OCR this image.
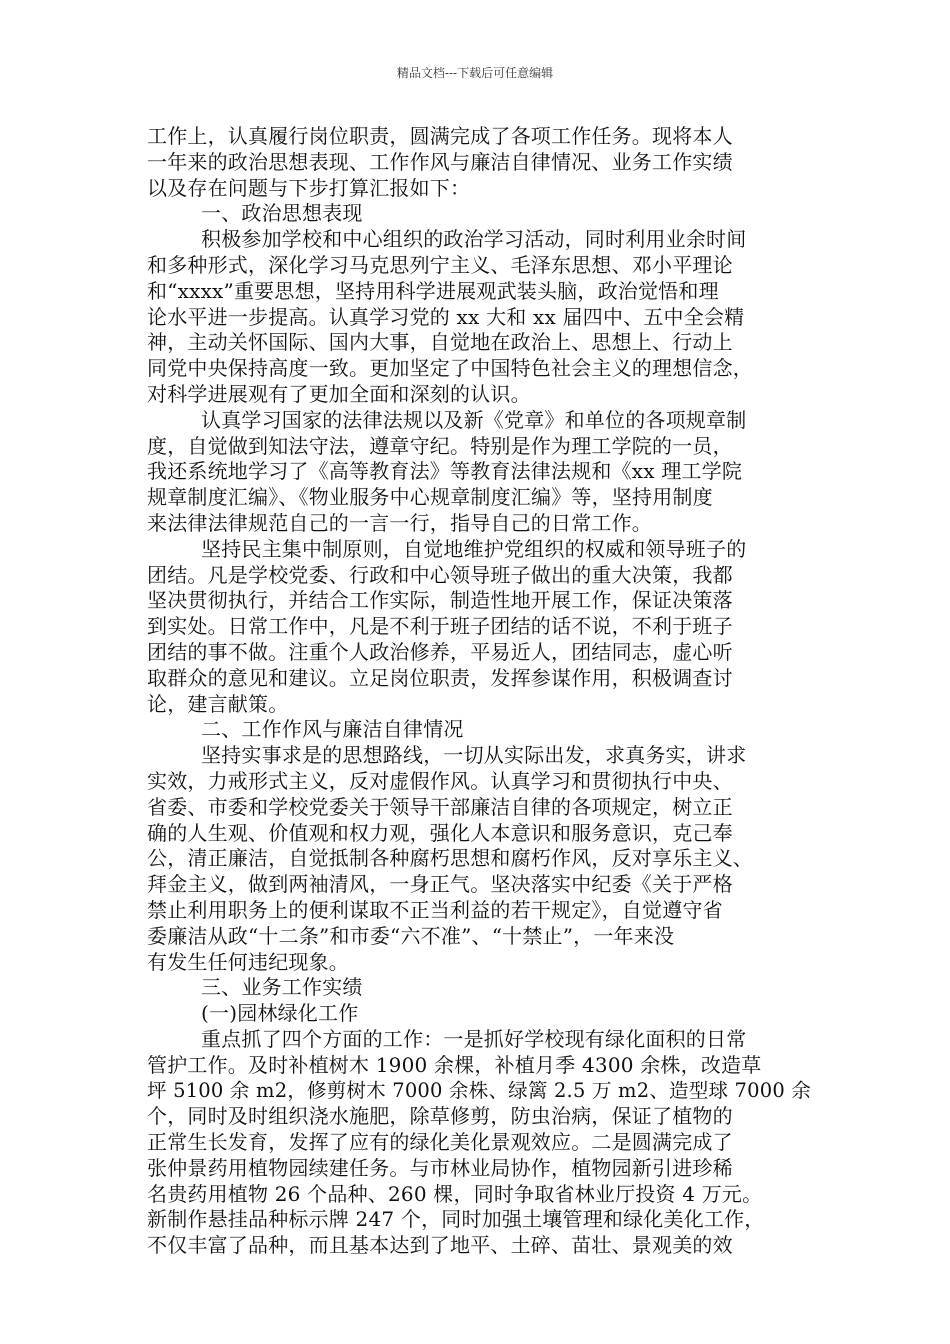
精品文档---下载后可任意编辑
工作上，认真履行岗位职责，圆满完成了各项工作任务。现将本人
一年来的政治思想表现、工作作风与廉洁自律情况、业务工作实绩
以及存在问题与下步打算汇报如下：
一、政治思想表现
积极参加学校和中心组织的政治学习活动，同时利用业余时间
和多种形式，深化学习马克思列宁主义、毛泽东思想、邓小平理论
和“xxxx”重要思想，坚持用科学进展观武装头脑，政治觉悟和理
论水平进一步提高。认真学习党的 xx 大和 xx 届四中、五中全会精
神，主动关怀国际、国内大事，自觉地在政治上、思想上、行动上
同党中央保持高度一致。更加坚定了中国特色社会主义的理想信念，
对科学进展观有了更加全面和深刻的认识。
认真学习国家的法律法规以及新《党章》和单位的各项规章制
度，自觉做到知法守法，遵章守纪。特别是作为理工学院的一员，
我还系统地学习了《高等教育法》等教育法律法规和《xx 理工学院
规章制度汇编》、《物业服务中心规章制度汇编》等，坚持用制度
来法律法律规范自己的一言一行，指导自己的日常工作。
坚持民主集中制原则，自觉地维护党组织的权威和领导班子的
团结。凡是学校党委、行政和中心领导班子做出的重大决策，我都
坚决贯彻执行，并结合工作实际，制造性地开展工作，保证决策落
到实处。日常工作中，凡是不利于班子团结的话不说，不利于班子
团结的事不做。注重个人政治修养，平易近人，团结同志，虚心听
取群众的意见和建议。立足岗位职责，发挥参谋作用，积极调查讨
论，建言献策。
二、工作作风与廉洁自律情况
坚持实事求是的思想路线，一切从实际出发，求真务实，讲求
实效，力戒形式主义，反对虚假作风。认真学习和贯彻执行中央、
省委、市委和学校党委关于领导干部廉洁自律的各项规定，树立正
确的人生观、价值观和权力观，强化人本意识和服务意识，克己奉
公，清正廉洁，自觉抵制各种腐朽思想和腐朽作风，反对享乐主义、
拜金主义，做到两袖清风，一身正气。坚决落实中纪委《关于严格
禁止利用职务上的便利谋取不正当利益的若干规定》，自觉遵守省
委廉洁从政“十二条”和市委“六不准”、“十禁止”，一年来没
有发生任何违纪现象。
三、业务工作实绩
(一)园林绿化工作
重点抓了四个方面的工作：一是抓好学校现有绿化面积的日常
管护工作。及时补植树木 1900 余棵，补植月季 4300 余株，改造草
坪 5100 余 m2，修剪树木 7000 余株、绿篱 2.5 万 m2、造型球 7000 余
个，同时及时组织浇水施肥，除草修剪，防虫治病，保证了植物的
正常生长发育，发挥了应有的绿化美化景观效应。二是圆满完成了
张仲景药用植物园续建任务。与市林业局协作，植物园新引进珍稀
名贵药用植物 26 个品种、260 棵，同时争取省林业厅投资 4 万元。
新制作悬挂品种标示牌 247 个，同时加强土壤管理和绿化美化工作，
不仅丰富了品种，而且基本达到了地平、土碎、苗壮、景观美的效
